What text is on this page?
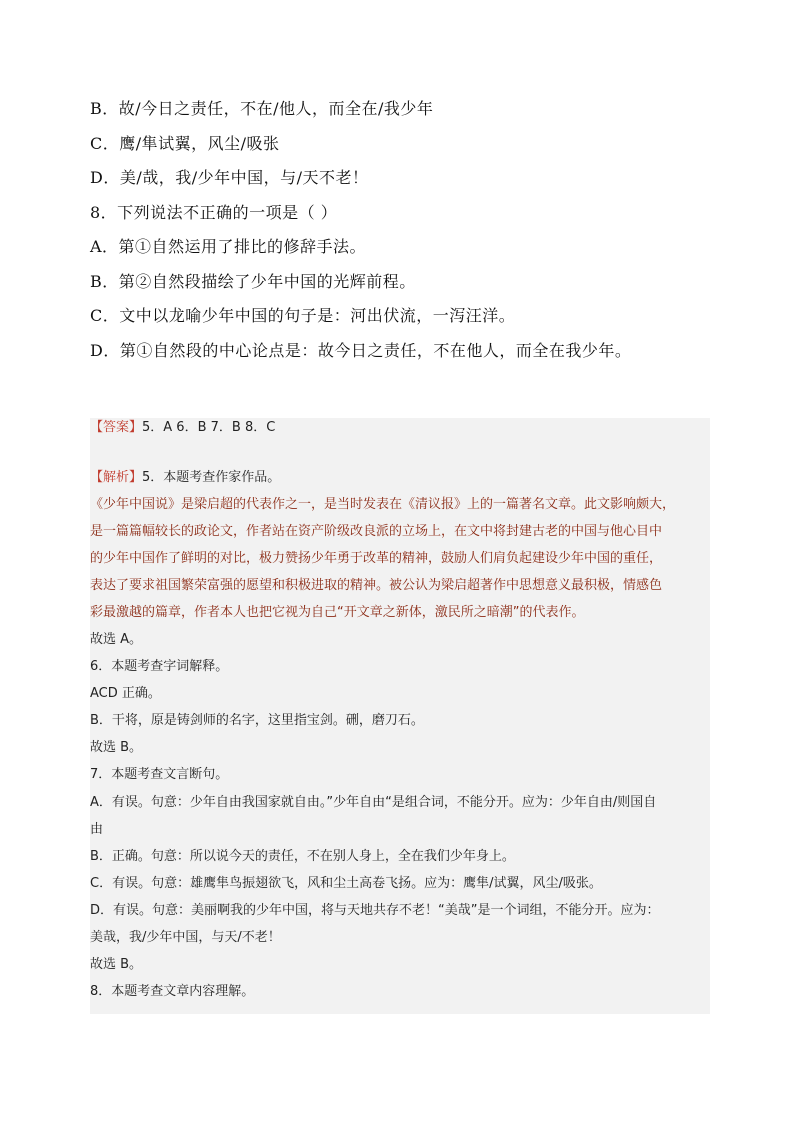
B．故/今日之责任，不在/他人，而全在/我少年
C．鹰/隼试翼，风尘/吸张
D．美/哉，我/少年中国，与/天不老！
8．下列说法不正确的一项是（ ）
A．第①自然运用了排比的修辞手法。
B．第②自然段描绘了少年中国的光辉前程。
C．文中以龙喻少年中国的句子是：河出伏流，一泻汪洋。
D．第①自然段的中心论点是：故今日之责任，不在他人，而全在我少年。
【答案】5．A 6．B 7．B 8．C
【解析】5．本题考查作家作品。
《少年中国说》是梁启超的代表作之一，是当时发表在《清议报》上的一篇著名文章。此文影响颇大，
是一篇篇幅较长的政论文，作者站在资产阶级改良派的立场上，在文中将封建古老的中国与他心目中
的少年中国作了鲜明的对比，极力赞扬少年勇于改革的精神，鼓励人们肩负起建设少年中国的重任，
表达了要求祖国繁荣富强的愿望和积极进取的精神。被公认为梁启超著作中思想意义最积极，情感色
彩最激越的篇章，作者本人也把它视为自己“开文章之新体，激民所之暗潮”的代表作。
故选 A。
6．本题考查字词解释。
ACD 正确。
B．干将，原是铸剑师的名字，这里指宝剑。硎，磨刀石。
故选 B。
7．本题考查文言断句。
A．有误。句意：少年自由我国家就自由。”少年自由“是组合词，不能分开。应为：少年自由/则国自
由
B．正确。句意：所以说今天的责任，不在别人身上，全在我们少年身上。
C．有误。句意：雄鹰隼鸟振翅欲飞，风和尘土高卷飞扬。应为：鹰隼/试翼，风尘/吸张。
D．有误。句意：美丽啊我的少年中国，将与天地共存不老！“美哉”是一个词组，不能分开。应为：
美哉，我/少年中国，与天/不老！
故选 B。
8．本题考查文章内容理解。
